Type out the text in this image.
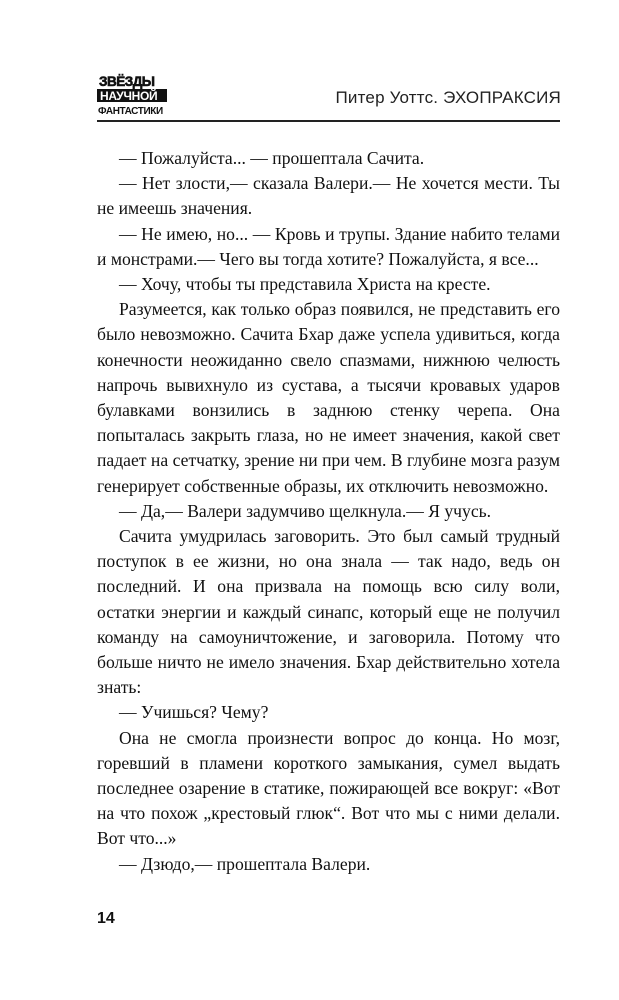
ЗВЁЗДЫ
НАУЧНОЙ
ФАНТАСТИКИ
Питер Уоттс. ЭХОПРАКСИЯ

— Пожалуйста... — прошептала Сачита.

— Нет злости,— сказала Валери.— Не хочется мести. Ты не имеешь значения.

— Не имею, но... — Кровь и трупы. Здание набито телами и монстрами.— Чего вы тогда хотите? Пожалуйста, я все...

— Хочу, чтобы ты представила Христа на кресте.

Разумеется, как только образ появился, не представить его было невозможно. Сачита Бхар даже успела удивиться, когда конечности неожиданно свело спазмами, нижнюю челюсть напрочь вывихнуло из сустава, а тысячи кровавых ударов булавками вонзились в заднюю стенку черепа. Она попыталась закрыть глаза, но не имеет значения, какой свет падает на сетчатку, зрение ни при чем. В глубине мозга разум генерирует собственные образы, их отключить невозможно.

— Да,— Валери задумчиво щелкнула.— Я учусь.

Сачита умудрилась заговорить. Это был самый трудный поступок в ее жизни, но она знала — так надо, ведь он последний. И она призвала на помощь всю силу воли, остатки энергии и каждый синапс, который еще не получил команду на самоуничтожение, и заговорила. Потому что больше ничто не имело значения. Бхар действительно хотела знать:

— Учишься? Чему?

Она не смогла произнести вопрос до конца. Но мозг, горевший в пламени короткого замыкания, сумел выдать последнее озарение в статике, пожирающей все вокруг: «Вот на что похож „крестовый глюк“. Вот что мы с ними делали. Вот что...»

— Дзюдо,— прошептала Валери.

14
